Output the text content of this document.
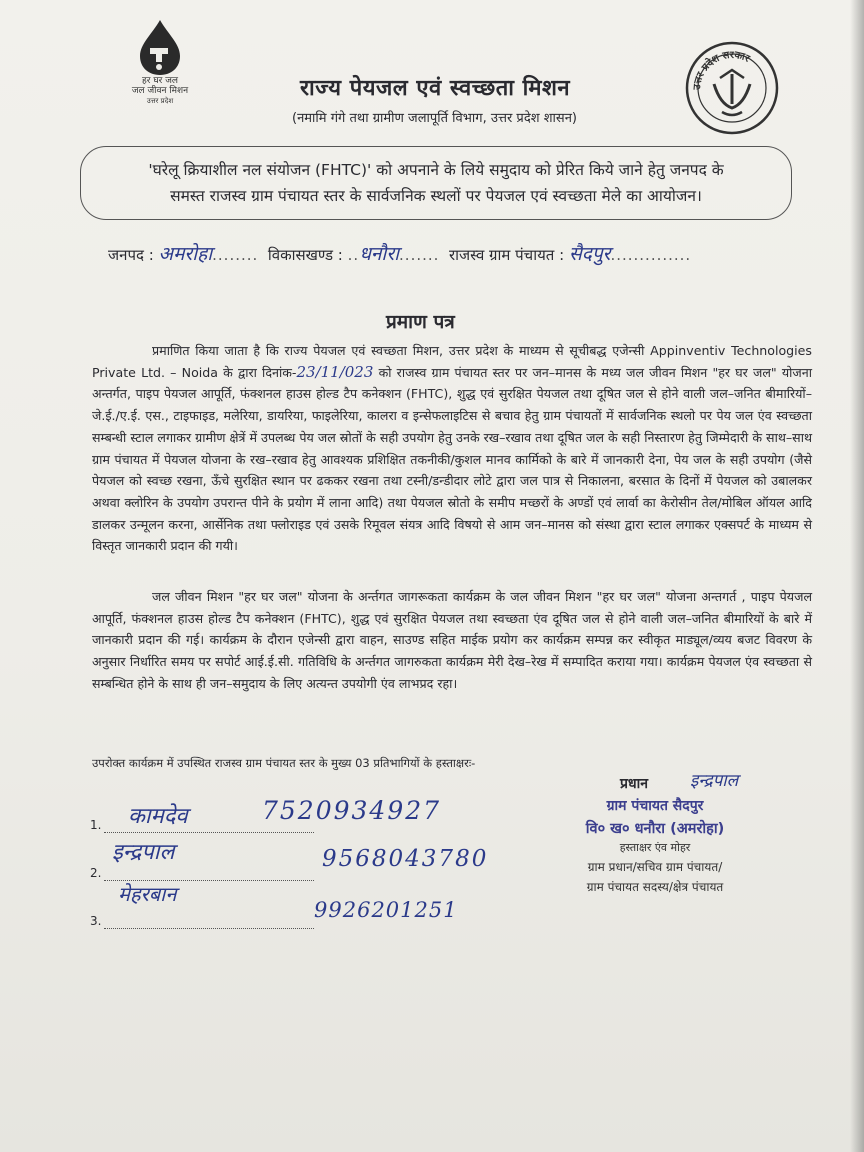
हर घर जल
जल जीवन मिशन
उत्तर प्रदेश
उत्तर प्रदेश सरकार
राज्य पेयजल एवं स्वच्छता मिशन
(नमामि गंगे तथा ग्रामीण जलापूर्ति विभाग, उत्तर प्रदेश शासन)
'घरेलू क्रियाशील नल संयोजन (FHTC)' को अपनाने के लिये समुदाय को प्रेरित किये जाने हेतु जनपद के
समस्त राजस्व ग्राम पंचायत स्तर के सार्वजनिक स्थलों पर पेयजल एवं स्वच्छता मेले का आयोजन।
जनपद : अमरोहा........ विकासखण्ड : ..धनौरा....... राजस्व ग्राम पंचायत : सैदपुर..............
प्रमाण पत्र
प्रमाणित किया जाता है कि राज्य पेयजल एवं स्वच्छता मिशन, उत्तर प्रदेश के माध्यम से सूचीबद्ध एजेन्सी Appinventiv Technologies Private Ltd. – Noida के द्वारा दिनांक-23/11/023 को राजस्व ग्राम पंचायत स्तर पर जन–मानस के मध्य जल जीवन मिशन "हर घर जल" योजना अन्तर्गत, पाइप पेयजल आपूर्ति, फंक्शनल हाउस होल्ड टैप कनेक्शन (FHTC), शुद्ध एवं सुरक्षित पेयजल तथा दूषित जल से होने वाली जल–जनित बीमारियों–जे.ई./ए.ई. एस., टाइफाइड, मलेरिया, डायरिया, फाइलेरिया, कालरा व इन्सेफलाइटिस से बचाव हेतु ग्राम पंचायतों में सार्वजनिक स्थलो पर पेय जल एंव स्वच्छता सम्बन्धी स्टाल लगाकर ग्रामीण क्षेत्रें में उपलब्ध पेय जल स्रोतों के सही उपयोग हेतु उनके रख–रखाव तथा दूषित जल के सही निस्तारण हेतु जिम्मेदारी के साथ–साथ ग्राम पंचायत में पेयजल योजना के रख–रखाव हेतु आवश्यक प्रशिक्षित तकनीकी/कुशल मानव कार्मिको के बारे में जानकारी देना, पेय जल के सही उपयोग (जैसे पेयजल को स्वच्छ रखना, ऊँचे सुरक्षित स्थान पर ढककर रखना तथा टस्नी/डन्डीदार लोटे द्वारा जल पात्र से निकालना, बरसात के दिनों में पेयजल को उबालकर अथवा क्लोरिन के उपयोग उपरान्त पीने के प्रयोग में लाना आदि) तथा पेयजल स्रोतो के समीप मच्छरों के अण्डों एवं लार्वा का केरोसीन तेल/मोबिल ऑयल आदि डालकर उन्मूलन करना, आर्सेनिक तथा फ्लोराइड एवं उसके रिमूवल संयत्र आदि विषयो से आम जन–मानस को संस्था द्वारा स्टाल लगाकर एक्सपर्ट के माध्यम से विस्तृत जानकारी प्रदान की गयी।
जल जीवन मिशन "हर घर जल" योजना के अर्न्तगत जागरूकता कार्यक्रम के जल जीवन मिशन "हर घर जल" योजना अन्तगर्त , पाइप पेयजल आपूर्ति, फंक्शनल हाउस होल्ड टैप कनेक्शन (FHTC), शुद्ध एवं सुरक्षित पेयजल तथा स्वच्छता एंव दूषित जल से होने वाली जल–जनित बीमारियों के बारे में जानकारी प्रदान की गई। कार्यक्रम के दौरान एजेन्सी द्वारा वाहन, साउण्ड सहित माईक प्रयोग कर कार्यक्रम सम्पन्न कर स्वीकृत माड्यूल/व्यय बजट विवरण के अनुसार निर्धारित समय पर सपोर्ट आई.ई.सी. गतिविधि के अर्न्तगत जागरुकता कार्यक्रम मेरी देख–रेख में सम्पादित कराया गया। कार्यक्रम पेयजल एंव स्वच्छता से सम्बन्धित होने के साथ ही जन–समुदाय के लिए अत्यन्त उपयोगी एंव लाभप्रद रहा।
उपरोक्त कार्यक्रम में उपस्थित राजस्व ग्राम पंचायत स्तर के मुख्य 03 प्रतिभागियों के हस्ताक्षरः-
1. कामदेव	7520934927
2.
इन्द्रपाल	9568043780
3.
मेहरबान
9926201251
प्रधान इन्द्रपाल
ग्राम पंचायत सैदपुर
वि० ख० धनौरा (अमरोहा)
हस्ताक्षर एंव मोहर
ग्राम प्रधान/सचिव ग्राम पंचायत/
ग्राम पंचायत सदस्य/क्षेत्र पंचायत
